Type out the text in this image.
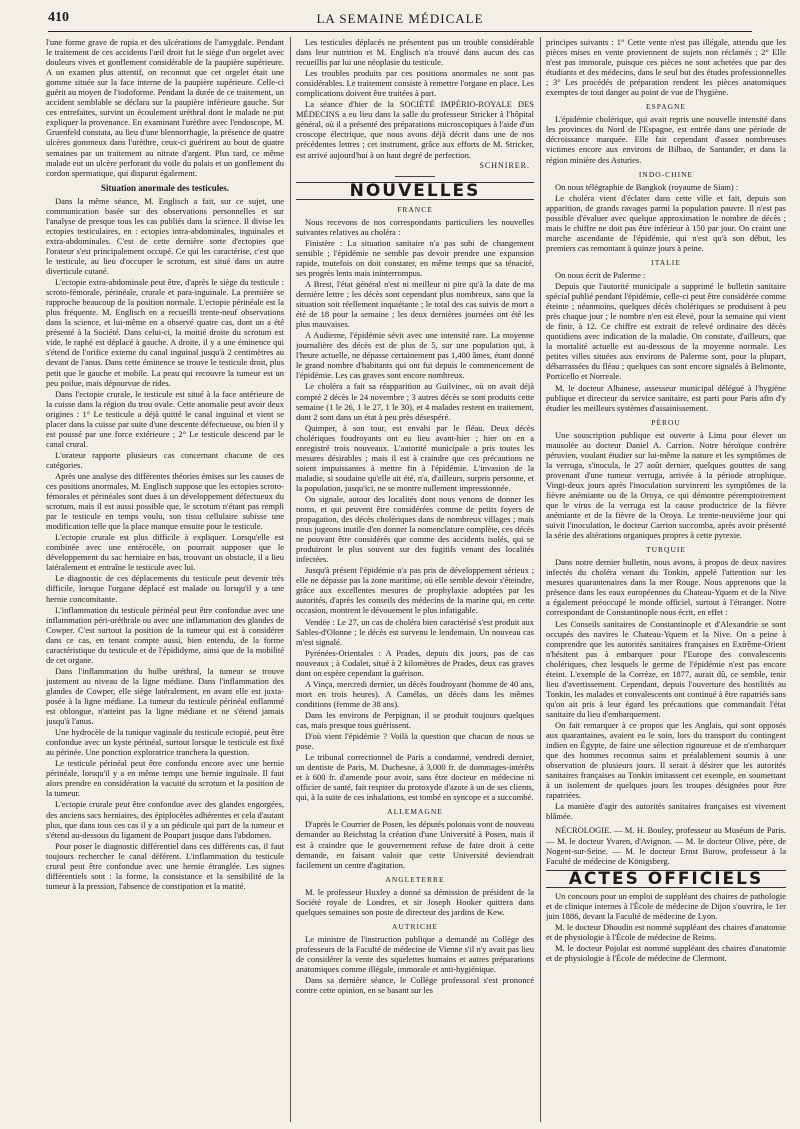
410	LA SEMAINE MÉDICALE

l'une forme grave de rupia et des ulcérations de l'amygdale. Pendant le traitement de ces accidents l'œil droit fut le siège d'un orgelet avec douleurs vives et gonflement considérable de la paupière supérieure. A un examen plus attentif, on reconnut que cet orgelet était une gomme située sur la face interne de la paupière supérieure. Celle-ci guérit au moyen de l'iodoforme. Pendant la durée de ce traitement, un accident semblable se déclara sur la paupière inférieure gauche. Sur ces entrefaites, survint un écoulement uréthral dont le malade ne put expliquer la provenance. En examinant l'urèthre avec l'endoscope, M. Gruenfeld constata, au lieu d'une blennorrhagie, la présence de quatre ulcères gommeux dans l'urèthre, ceux-ci guérirent au bout de quatre semaines par un traitement au nitrate d'argent. Plus tard, ce même malade eut un ulcère perforant du voile du palais et un gonflement du cordon spermatique, qui disparut également.

Situation anormale des testicules.

Dans la même séance, M. Englisch a fait, sur ce sujet, une communication basée sur des observations personnelles et sur l'analyse de presque tous les cas publiés dans la science. Il divise les ectopies testiculaires, en : ectopies intra-abdominales, inguinales et extra-abdominales. C'est de cette dernière sorte d'ectopies que l'orateur s'est principalement occupé. Ce qui les caractérise, c'est que le testicule, au lieu d'occuper le scrotum, est situé dans un autre diverticule cutané.

L'ectopie extra-abdominale peut être, d'après le siège du testicule : scroto-fémorale, périnéale, crurale et para-inguinale. La première se rapproche beaucoup de la position normale. L'ectopie périnéale est la plus fréquente. M. Englisch en a recueilli trente-neuf observations dans la science, et lui-même en a observé quatre cas, dont un a été présenté à la Société. Dans celui-ci, la moitié droite du scrotum est vide, le raphé est déplacé à gauche. A droite, il y a une éminence qui s'étend de l'orifice externe du canal inguinal jusqu'à 2 centimètres au devant de l'anus. Dans cette éminence se trouve le testicule droit, plus petit que le gauche et mobile. La peau qui recouvre la tumeur est un peu poilue, mais dépourvue de rides.

Dans l'ectopie crurale, le testicule est situé à la face antérieure de la cuisse dans la région du trou ovale. Cette anomalie peut avoir deux origines : 1° Le testicule a déjà quitté le canal inguinal et vient se placer dans la cuisse par suite d'une descente défectueuse, ou bien il y est poussé par une force extérieure ; 2° Le testicule descend par le canal crural.

L'orateur rapporte plusieurs cas concernant chacune de ces catégories.

Après une analyse des différentes théories émises sur les causes de ces positions anormales, M. Englisch suppose que les ectopies scroto-fémorales et périnéales sont dues à un développement défectueux du scrotum, mais il est aussi possible que, le scrotum n'étant pas rempli par le testicule en temps voulu, son tissu cellulaire subisse une modification telle que la place manque ensuite pour le testicule.

L'ectopie crurale est plus difficile à expliquer. Lorsqu'elle est combinée avec une entérocèle, on pourrait supposer que le développement du sac herniaire en bas, trouvant un obstacle, il a lieu latéralement et entraîne le testicule avec lui.

Le diagnostic de ces déplacements du testicule peut devenir très difficile, lorsque l'organe déplacé est malade ou lorsqu'il y a une hernie concomitante.

L'inflammation du testicule périnéal peut être confondue avec une inflammation péri-uréthrale ou avec une inflammation des glandes de Cowper. C'est surtout la position de la tumeur qui est à considérer dans ce cas, en tenant compte aussi, bien entendu, de la forme caractéristique du testicule et de l'épididyme, ainsi que de la mobilité de cet organe.

Dans l'inflammation du bulbe uréthral, la tumeur se trouve justement au niveau de la ligne médiane. Dans l'inflammation des glandes de Cowper, elle siège latéralement, en avant elle est juxta-posée à la ligne médiane. La tumeur du testicule périnéal enflammé est oblongue, n'atteint pas la ligne médiane et ne s'étend jamais jusqu'à l'anus.

Une hydrocèle de la tunique vaginale du testicule ectopié, peut être confondue avec un kyste périnéal, surtout lorsque le testicule est fixé au périnée. Une ponction exploratrice tranchera la question.

Le testicule périnéal peut être confondu encore avec une hernie périnéale, lorsqu'il y a en même temps une hernie inguinale. Il faut alors prendre en considération la vacuité du scrotum et la position de la tumeur.

L'ectopie crurale peut être confondue avec des glandes engorgées, des anciens sacs herniaires, des épiplocèles adhérentes et cela d'autant plus, que dans tous ces cas il y a un pédicule qui part de la tumeur et s'étend au-dessous du ligament de Poupart jusque dans l'abdomen.

Pour poser le diagnostic différentiel dans ces différents cas, il faut toujours rechercher le canal déférent. L'inflammation du testicule crural peut être confondue avec une hernie étranglée. Les signes différentiels sont : la forme, la consistance et la sensibilité de la tumeur à la pression, l'absence de constipation et la matité.

Les testicules déplacés ne présentent pas un trouble considérable dans leur nutrition et M. Englisch n'a trouvé dans aucun des cas recueillis par lui une néoplasie du testicule.

Les troubles produits par ces positions anormales ne sont pas considérables. Le traitement consiste à remettre l'organe en place. Les complications doivent être traitées à part.

La séance d'hier de la SOCIÉTÉ IMPÉRIO-ROYALE DES MÉDECINS a eu lieu dans la salle du professeur Stricker à l'hôpital général, où il a présenté des préparations microscopiques à l'aide d'un croscope électrique, que nous avons déjà décrit dans une de nos précédentes lettres ; cet instrument, grâce aux efforts de M. Stricker, est arrivé aujourd'hui à un haut degré de perfection.

SCHNIRER.
NOUVELLES
FRANCE

Nous recevons de nos correspondants particuliers les nouvelles suivantes relatives au choléra :

Finistère : La situation sanitaire n'a pas subi de changement sensible ; l'épidémie ne semble pas devoir prendre une expansion rapide, toutefois on doit constater, en même temps que sa ténacité, ses progrès lents mais ininterrompus.

A Brest, l'état général n'est ni meilleur ni pire qu'à la date de ma dernière lettre ; les décès sont cependant plus nombreux, sans que la situation soit réellement inquiétante ; le total des cas suivis de mort a été de 18 pour la semaine ; les deux dernières journées ont été les plus mauvaises.

A Audierne, l'épidémie sévit avec une intensité rare. La moyenne journalière des décès est de plus de 5, sur une population qui, à l'heure actuelle, ne dépasse certainement pas 1,400 âmes, étant donné le grand nombre d'habitants qui ont fui depuis le commencement de l'épidémie. Les cas graves sont encore nombreux.

Le choléra a fait sa réapparition au Guilvinec, où on avait déjà compté 2 décès le 24 novembre ; 3 autres décès se sont produits cette semaine (1 le 26, 1 le 27, 1 le 30), et 4 malades restent en traitement, dont 2 sont dans un état à peu près désespéré.

Quimper, à son tour, est envahi par le fléau. Deux décès cholériques foudroyants ont eu lieu avant-hier ; hier on en a enregistré trois nouveaux. L'autorité municipale a pris toutes les mesures désirables ; mais il est à craindre que ces précautions ne soient impuissantes à mettre fin à l'épidémie. L'invasion de la maladie, si soudaine qu'elle ait été, n'a, d'ailleurs, surpris personne, et la population, jusqu'ici, ne se montre nullement impressionnée.

On signale, autour des localités dont nous venons de donner les noms, et qui peuvent être considérées comme de petits foyers de propagation, des décès cholériques dans de nombreux villages ; mais nous jugeons inutile d'en donner la nomenclature complète, ces décès ne pouvant être considérés que comme des accidents isolés, qui se produiront le plus souvent sur des fugitifs venant des localités infectées.

Jusqu'à présent l'épidémie n'a pas pris de développement sérieux ; elle ne dépasse pas la zone maritime, où elle semble devoir s'éteindre, grâce aux excellentes mesures de prophylaxie adoptées par les autorités, d'après les conseils des médecins de la marine qui, en cette occasion, montrent le dévouement le plus infatigable.

Vendée : Le 27, un cas de choléra bien caractérisé s'est produit aux Sables-d'Olonne ; le décès est survenu le lendemain. Un nouveau cas m'est signalé.

Pyrénées-Orientales : A Prades, depuis dix jours, pas de cas nouveaux ; à Codalet, situé à 2 kilomètres de Prades, deux cas graves dont on espère cependant la guérison.

A Vinça, mercredi dernier, un décès foudroyant (homme de 40 ans, mort en trois heures). A Camélas, un décès dans les mêmes conditions (femme de 38 ans).

Dans les environs de Perpignan, il se produit toujours quelques cas, mais presque tous guérissent.

D'où vient l'épidémie ? Voilà la question que chacun de nous se pose.

Le tribunal correctionnel de Paris a condamné, vendredi dernier, un dentiste de Paris, M. Duchesne, à 3,000 fr. de dommages-intérêts et à 600 fr. d'amende pour avoir, sans être docteur en médecine ni officier de santé, fait respirer du protoxyde d'azote à un de ses clients, qui, à la suite de ces inhalations, est tombé en syncope et a succombé.

ALLEMAGNE

D'après le Courrier de Posen, les députés polonais vont de nouveau demander au Reichstag la création d'une Université à Posen, mais il est à craindre que le gouvernement refuse de faire droit à cette demande, en faisant valoir que cette Université deviendrait facilement un centre d'agitation.

ANGLETERRE

M. le professeur Huxley a donné sa démission de président de la Société royale de Londres, et sir Joseph Hooker quittera dans quelques semaines son poste de directeur des jardins de Kew.

AUTRICHE

Le ministre de l'instruction publique a demandé au Collège des professeurs de la Faculté de médecine de Vienne s'il n'y avait pas lieu de considérer la vente des squelettes humains et autres préparations anatomiques comme illégale, immorale et anti-hygiénique.

Dans sa dernière séance, le Collège professoral s'est prononcé contre cette opinion, en se basant sur les

principes suivants : 1° Cette vente n'est pas illégale, attendu que les pièces mises en vente proviennent de sujets non réclamés ; 2° Elle n'est pas immorale, puisque ces pièces ne sont achetées que par des étudiants et des médecins, dans le seul but des études professionnelles ; 3° Les procédés de préparation rendent les pièces anatomiques exemptes de tout danger au point de vue de l'hygiène.

ESPAGNE

L'épidémie cholérique, qui avait repris une nouvelle intensité dans les provinces du Nord de l'Espagne, est entrée dans une période de décroissance marquée. Elle fait cependant d'assez nombreuses victimes encore aux environs de Bilbao, de Santander, et dans la région minière des Asturies.

INDO-CHINE

On nous télégraphie de Bangkok (royaume de Siam) :

Le choléra vient d'éclater dans cette ville et fait, depuis son apparition, de grands ravages parmi la population pauvre. Il n'est pas possible d'évaluer avec quelque approximation le nombre de décès ; mais le chiffre ne doit pas être inférieur à 150 par jour. On craint une marche ascendante de l'épidémie, qui n'est qu'à son début, les premiers cas remontant à quinze jours à peine.

ITALIE

On nous écrit de Palerme :

Depuis que l'autorité municipale a supprimé le bulletin sanitaire spécial publié pendant l'épidémie, celle-ci peut être considérée comme éteinte ; néanmoins, quelques décès cholériques se produisent à peu près chaque jour ; le nombre n'en est élevé, pour la semaine qui vient de finir, à 12. Ce chiffre est extrait de relevé ordinaire des décès quotidiens avec indication de la maladie. On constate, d'ailleurs, que la mortalité actuelle est au-dessous de la moyenne normale. Les petites villes situées aux environs de Palerme sont, pour la plupart, débarrassées du fléau ; quelques cas sont encore signalés à Belmonte, Porticello et Norreale.

M. le docteur Albanese, assesseur municipal délégué à l'hygiène publique et directeur du service sanitaire, est parti pour Paris afin d'y étudier les meilleurs systèmes d'assainissement.

PÉROU

Une souscription publique est ouverte à Lima pour élever un mausolée au docteur Daniel A. Carrion. Notre héroïque confrère péruvien, voulant étudier sur lui-même la nature et les symptômes de la verruga, s'inocula, le 27 août dernier, quelques gouttes de sang provenant d'une tumeur verruga, arrivée à la période atrophique. Vingt-deux jours après l'inoculation survinrent les symptômes de la fièvre anémiante ou de la Oroya, ce qui démontre péremptoirement que le virus de la verruga est la cause productrice de la fièvre anémiante et de la fièvre de la Oroya. Le trente-neuvième jour qui suivit l'inoculation, le docteur Carrion succomba, après avoir présenté la série des altérations organiques propres à cette pyrexie.

TURQUIE

Dans notre dernier bulletin, nous avons, à propos de deux navires infectés du choléra venant du Tonkin, appelé l'attention sur les mesures quarantenaires dans la mer Rouge. Nous apprenons que la présence dans les eaux européennes du Chateau-Yquem et de la Nive a également préoccupé le monde officiel, surtout à l'étranger. Notre correspondant de Constantinople nous écrit, en effet :

Les Conseils sanitaires de Constantinople et d'Alexandrie se sont occupés des navires le Chateau-Yquem et la Nive. On a peine à comprendre que les autorités sanitaires françaises en Extrême-Orient n'hésitent pas à embarquer pour l'Europe des convalescents cholériques, chez lesquels le germe de l'épidémie n'est pas encore éteint. L'exemple de la Corrèze, en 1877, aurait dû, ce semble, tenir lieu d'avertissement. Cependant, depuis l'ouverture des hostilités au Tonkin, les malades et convalescents ont continué à être rapatriés sans qu'on ait pris à leur égard les précautions que commandait l'état sanitaire du lieu d'embarquement.

On fait remarquer à ce propos que les Anglais, qui sont opposés aux quarantaines, avaient eu le soin, lors du transport du contingent indien en Égypte, de faire une sélection rigoureuse et de n'embarquer que des hommes reconnus sains et préalablement soumis à une observation de plusieurs jours. Il serait à désirer que les autorités sanitaires françaises au Tonkin imitassent cet exemple, en soumettant à un isolement de quelques jours les troupes désignées pour être rapatriées.

La manière d'agir des autorités sanitaires françaises est vivement blâmée.

NÉCROLOGIE. — M. H. Bouley, professeur au Muséum de Paris. — M. le docteur Yvaren, d'Avignon. — M. le docteur Olive, père, de Nogent-sur-Seine. — M. le docteur Ernst Burow, professeur à la Faculté de médecine de Königsberg.

ACTES OFFICIELS

Un concours pour un emploi de suppléant des chaires de pathologie et de clinique internes à l'École de médecine de Dijon s'ouvrira, le 1er juin 1886, devant la Faculté de médecine de Lyon.

M. le docteur Dhoudin est nommé suppléant des chaires d'anatomie et de physiologie à l'École de médecine de Reims.

M. le docteur Pojolat est nommé suppléant des chaires d'anatomie et de physiologie à l'École de médecine de Clermont.
